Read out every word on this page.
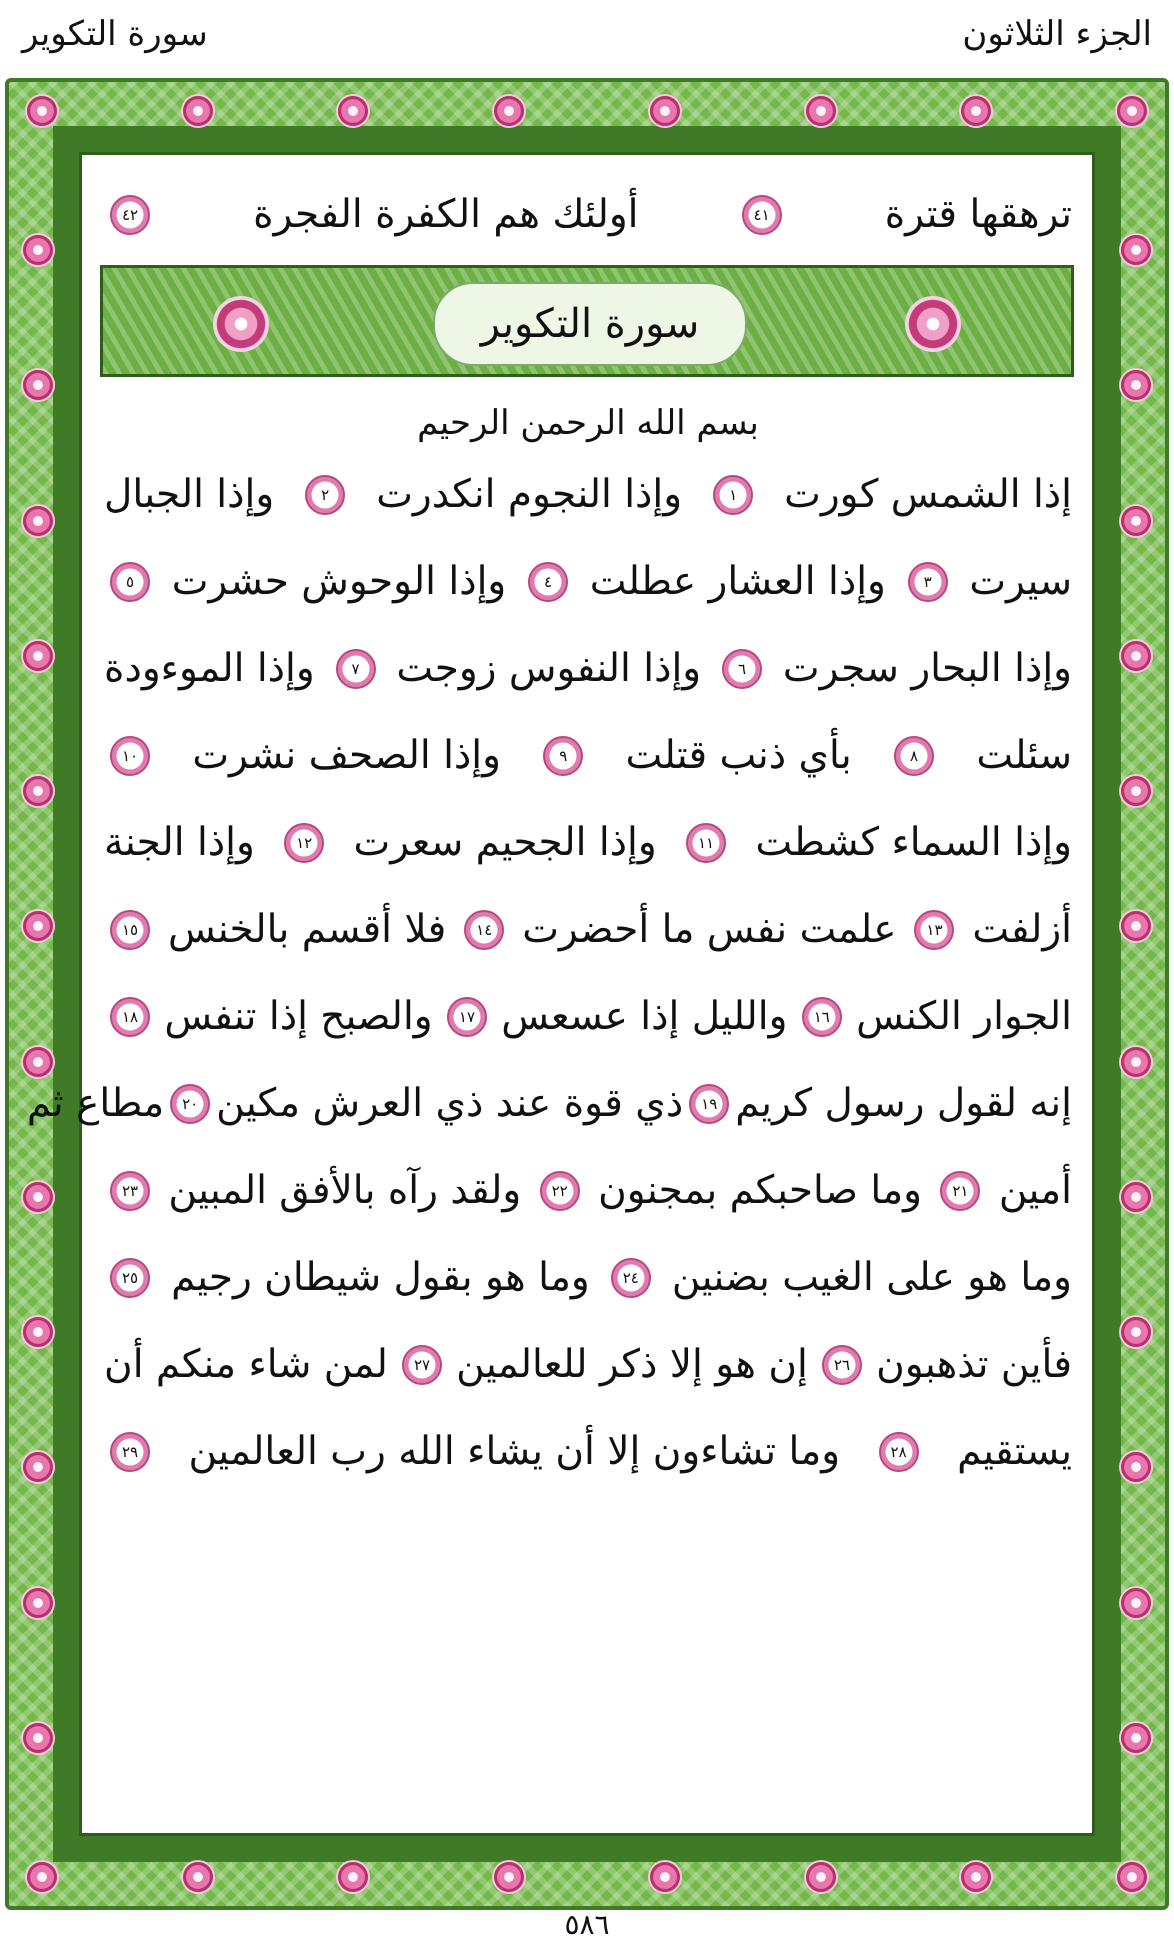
سورة التكوير	الجزء الثلاثون
ترهقها قترة
٤١
أولئك هم الكفرة الفجرة
٤٢
سورة التكوير
بسم الله الرحمن الرحيم
إذا الشمس كورت
١
وإذا النجوم انكدرت
٢
وإذا الجبال
سيرت
٣
وإذا العشار عطلت
٤
وإذا الوحوش حشرت
٥
وإذا البحار سجرت
٦
وإذا النفوس زوجت
٧
وإذا الموءودة
سئلت
٨
بأي ذنب قتلت
٩
وإذا الصحف نشرت
١٠
وإذا السماء كشطت
١١
وإذا الجحيم سعرت
١٢
وإذا الجنة
أزلفت
١٣
علمت نفس ما أحضرت
١٤
فلا أقسم بالخنس
١٥
الجوار الكنس
١٦
والليل إذا عسعس
١٧
والصبح إذا تنفس
١٨
إنه لقول رسول كريم
١٩
ذي قوة عند ذي العرش مكين
٢٠
مطاع ثم
أمين
٢١
وما صاحبكم بمجنون
٢٢
ولقد رآه بالأفق المبين
٢٣
وما هو على الغيب بضنين
٢٤
وما هو بقول شيطان رجيم
٢٥
فأين تذهبون
٢٦
إن هو إلا ذكر للعالمين
٢٧
لمن شاء منكم أن
يستقيم
٢٨
وما تشاءون إلا أن يشاء الله رب العالمين
٢٩
٥٨٦
